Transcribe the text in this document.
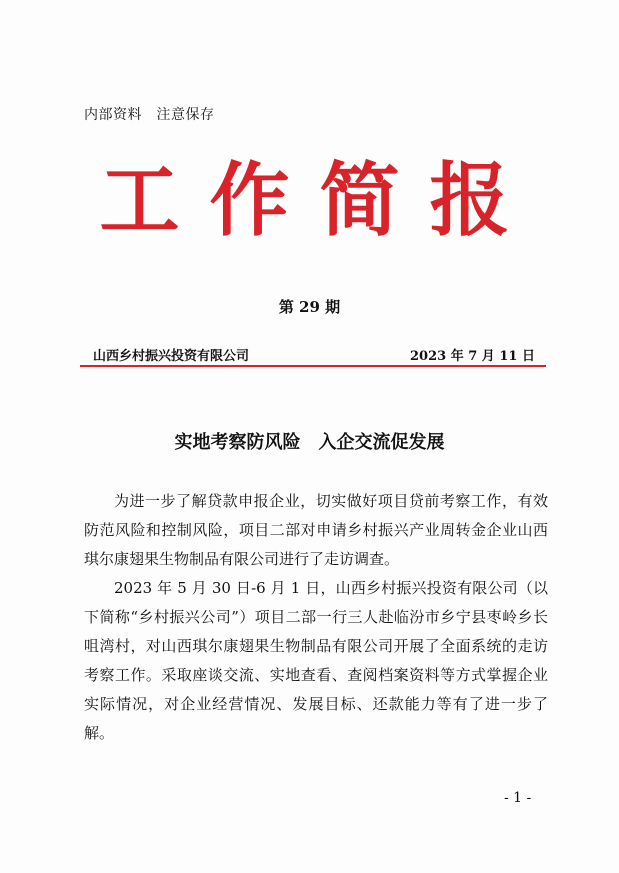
内部资料　注意保存
工作简报
第 29 期
山西乡村振兴投资有限公司	2023 年 7 月 11 日
实地考察防风险　入企交流促发展

为进一步了解贷款申报企业，切实做好项目贷前考察工作，有效防范风险和控制风险，项目二部对申请乡村振兴产业周转金企业山西琪尔康翅果生物制品有限公司进行了走访调查。

2023 年 5 月 30 日-6 月 1 日，山西乡村振兴投资有限公司（以下简称“乡村振兴公司”）项目二部一行三人赴临汾市乡宁县枣岭乡长咀湾村，对山西琪尔康翅果生物制品有限公司开展了全面系统的走访考察工作。采取座谈交流、实地查看、查阅档案资料等方式掌握企业实际情况，对企业经营情况、发展目标、还款能力等有了进一步了解。

- 1 -
